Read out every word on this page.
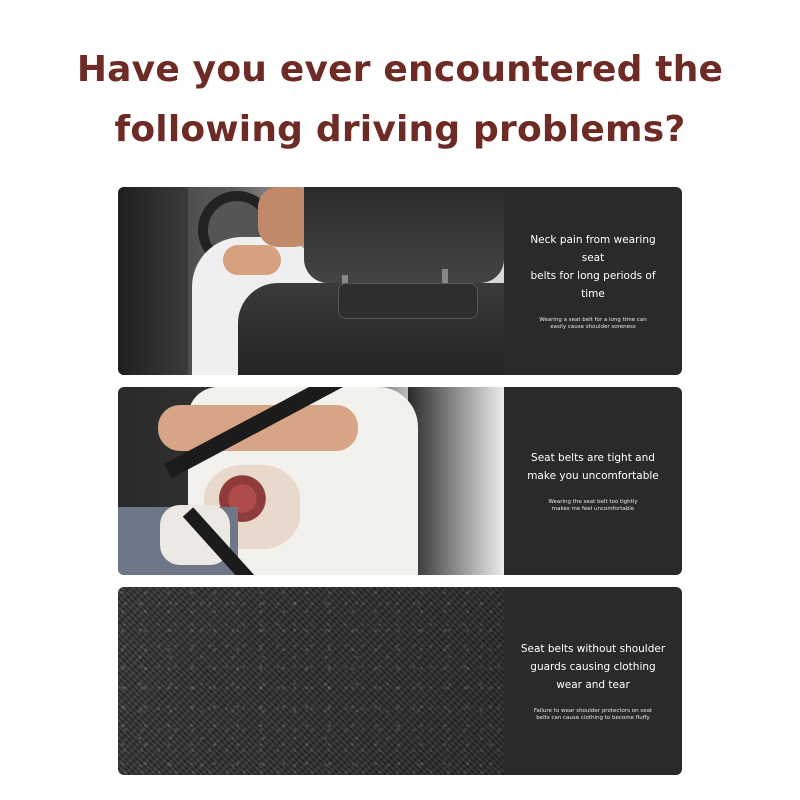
Have you ever encountered the
following driving problems?
Neck pain from wearing seat
belts for long periods of time
Wearing a seat belt for a long time can
easily cause shoulder soreness
Seat belts are tight and
make you uncomfortable
Wearing the seat belt too tightly
makes me feel uncomfortable
Seat belts without shoulder
guards causing clothing
wear and tear
Failure to wear shoulder protectors on seat
belts can cause clothing to become fluffy
